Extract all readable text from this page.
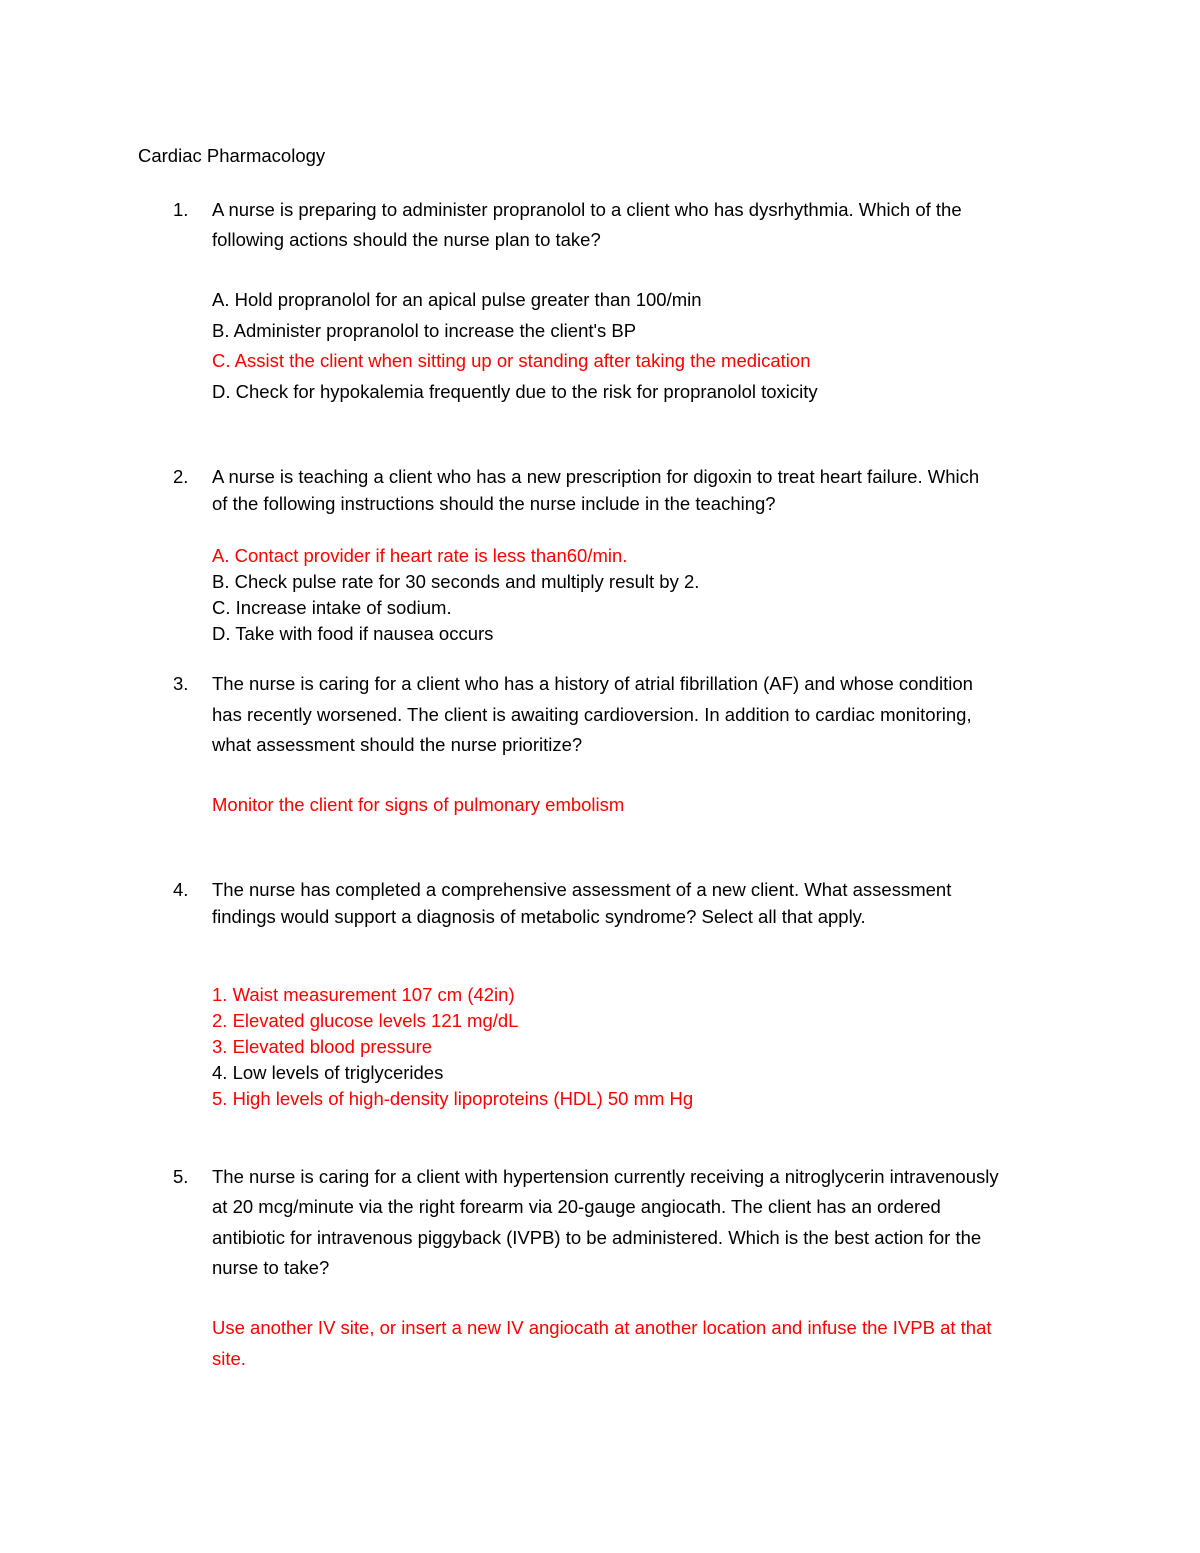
Cardiac Pharmacology
1. A nurse is preparing to administer propranolol to a client who has dysrhythmia. Which of the
following actions should the nurse plan to take?
A. Hold propranolol for an apical pulse greater than 100/min
B. Administer propranolol to increase the client's BP
C. Assist the client when sitting up or standing after taking the medication
D. Check for hypokalemia frequently due to the risk for propranolol toxicity
2. A nurse is teaching a client who has a new prescription for digoxin to treat heart failure. Which
of the following instructions should the nurse include in the teaching?
A. Contact provider if heart rate is less than60/min.
B. Check pulse rate for 30 seconds and multiply result by 2.
C. Increase intake of sodium.
D. Take with food if nausea occurs
3. The nurse is caring for a client who has a history of atrial fibrillation (AF) and whose condition
has recently worsened. The client is awaiting cardioversion. In addition to cardiac monitoring,
what assessment should the nurse prioritize?
Monitor the client for signs of pulmonary embolism
4. The nurse has completed a comprehensive assessment of a new client. What assessment
findings would support a diagnosis of metabolic syndrome? Select all that apply.
1. Waist measurement 107 cm (42in)
2. Elevated glucose levels 121 mg/dL
3. Elevated blood pressure
4. Low levels of triglycerides
5. High levels of high-density lipoproteins (HDL) 50 mm Hg
5. The nurse is caring for a client with hypertension currently receiving a nitroglycerin intravenously
at 20 mcg/minute via the right forearm via 20-gauge angiocath. The client has an ordered
antibiotic for intravenous piggyback (IVPB) to be administered. Which is the best action for the
nurse to take?
Use another IV site, or insert a new IV angiocath at another location and infuse the IVPB at that
site.
